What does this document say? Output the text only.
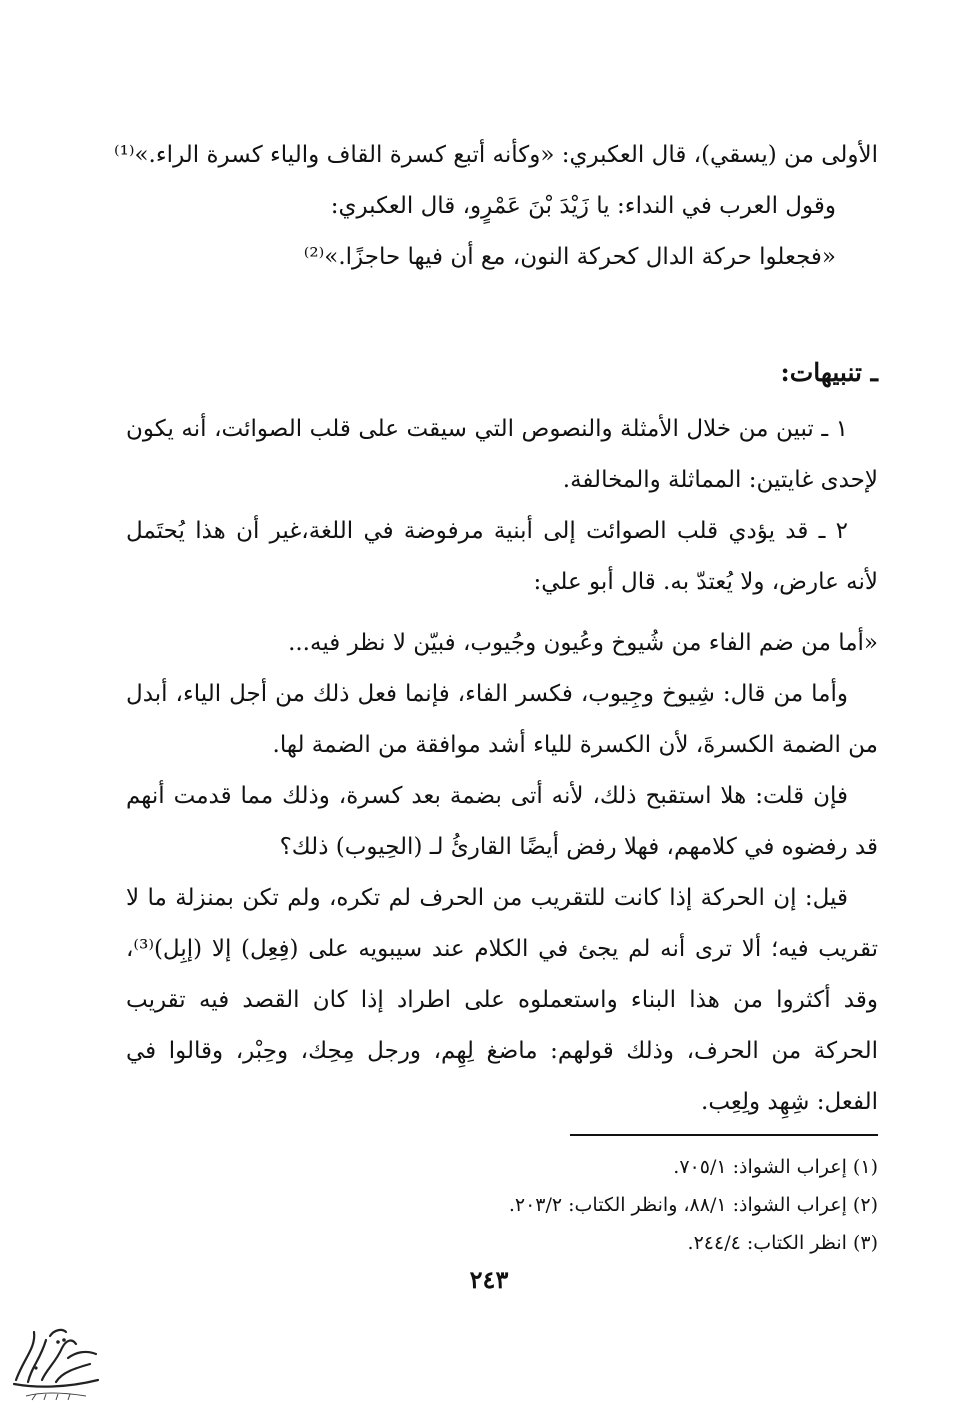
الأولى من (يسقي)، قال العكبري: «وكأنه أتبع كسرة القاف والياء كسرة الراء.»⁽¹⁾

وقول العرب في النداء: يا زَيْدَ بْنَ عَمْرٍو، قال العكبري:

«فجعلوا حركة الدال كحركة النون، مع أن فيها حاجزًا.»⁽²⁾

ـ تنبيهات:

١ ـ تبين من خلال الأمثلة والنصوص التي سيقت على قلب الصوائت، أنه يكون لإحدى غايتين: المماثلة والمخالفة.

٢ ـ قد يؤدي قلب الصوائت إلى أبنية مرفوضة في اللغة،غير أن هذا يُحتَمل لأنه عارض، ولا يُعتدّ به. قال أبو علي:

«أما من ضم الفاء من شُيوخ وعُيون وجُيوب، فبيّن لا نظر فيه...

وأما من قال: شِيوخ وجِيوب، فكسر الفاء، فإنما فعل ذلك من أجل الياء، أبدل من الضمة الكسرةَ، لأن الكسرة للياء أشد موافقة من الضمة لها.

فإن قلت: هلا استقبح ذلك، لأنه أتى بضمة بعد كسرة، وذلك مما قدمت أنهم قد رفضوه في كلامهم، فهلا رفض أيضًا القارئُ لـ (الحِيوب) ذلك؟

قيل: إن الحركة إذا كانت للتقريب من الحرف لم تكره، ولم تكن بمنزلة ما لا تقريب فيه؛ ألا ترى أنه لم يجئ في الكلام عند سيبويه على (فِعِل) إلا (إبِل)⁽³⁾، وقد أكثروا من هذا البناء واستعملوه على اطراد إذا كان القصد فيه تقريب الحركة من الحرف، وذلك قولهم: ماضغ لِهِم، ورجل مِحِك، وحِبْر، وقالوا في الفعل: شِهِد ولِعِب.

(١) إعراب الشواذ: ٧٠٥/١.

(٢) إعراب الشواذ: ٨٨/١، وانظر الكتاب: ٢٠٣/٢.

(٣) انظر الكتاب: ٢٤٤/٤.

٢٤٣
